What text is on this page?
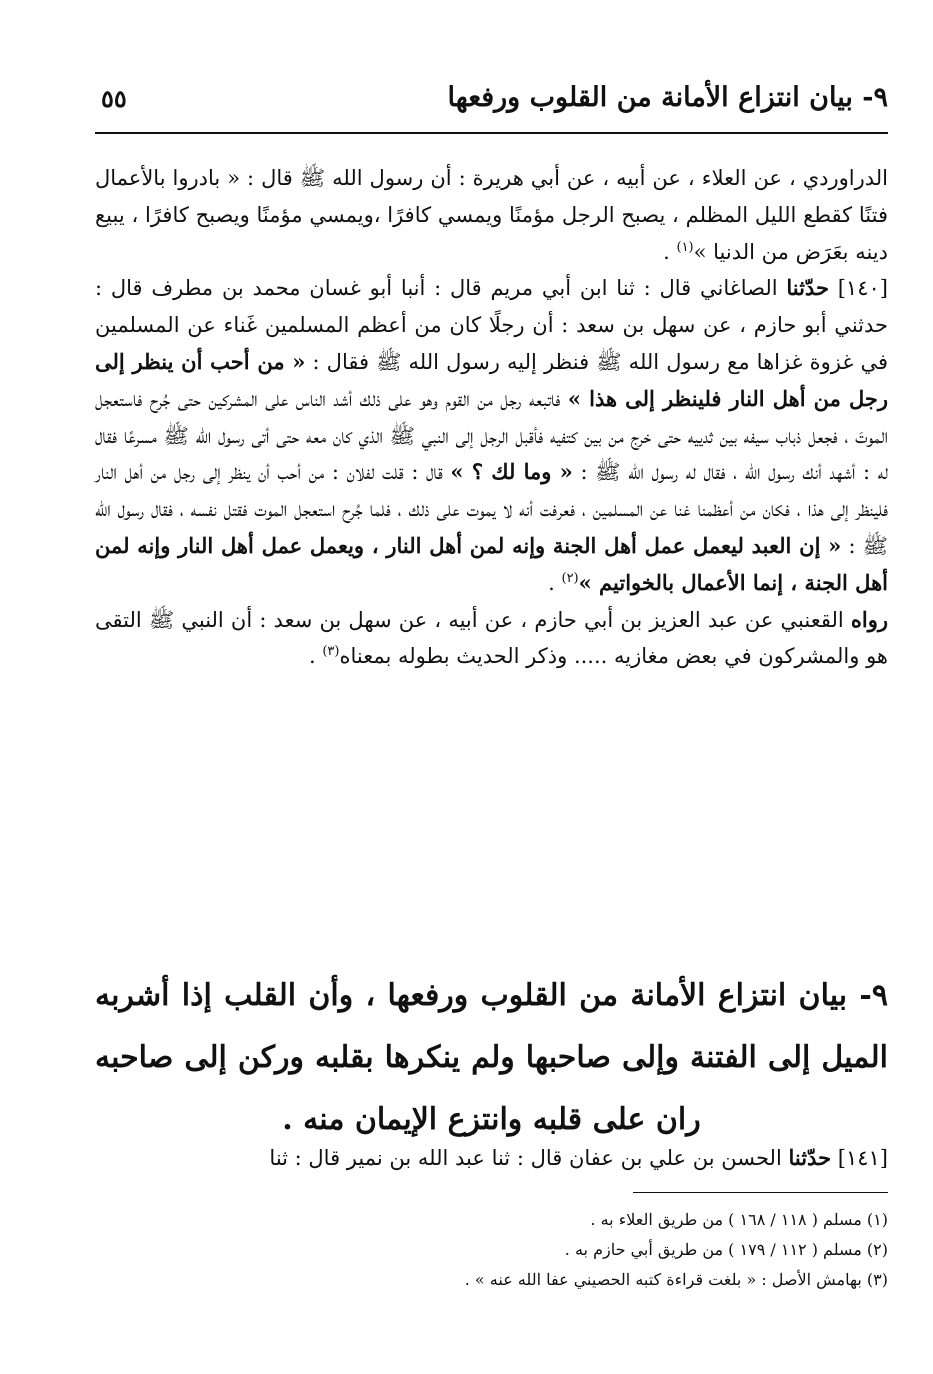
٩- بيان انتزاع الأمانة من القلوب ورفعها
٥٥

الدراوردي ، عن العلاء ، عن أبيه ، عن أبي هريرة : أن رسول الله ﷺ قال : « بادروا بالأعمال فتنًا كقطع الليل المظلم ، يصبح الرجل مؤمنًا ويمسي كافرًا ،ويمسي مؤمنًا ويصبح كافرًا ، يبيع دينه بعَرَض من الدنيا »$^{(١)}$ .

[١٤٠] حدّثنا الصاغاني قال : ثنا ابن أبي مريم قال : أنبا أبو غسان محمد بن مطرف قال : حدثني أبو حازم ، عن سهل بن سعد : أن رجلًا كان من أعظم المسلمين غَناء عن المسلمين في غزوة غزاها مع رسول الله ﷺ فنظر إليه رسول الله ﷺ فقال : « من أحب أن ينظر إلى رجل من أهل النار فلينظر إلى هذا » فاتبعه رجل من القوم وهو على ذلك أشد الناس على المشركين حتى جُرح فاستعجل الموتَ ، فجعل ذباب سيفه بين ثدييه حتى خرج من بين كتفيه فأقبل الرجل إلى النبي ﷺ الذي كان معه حتى أتى رسول الله ﷺ مسرعًا فقال له : أشهد أنك رسول الله ، فقال له رسول الله ﷺ : « وما لك ؟ » قال : قلت لفلان : من أحب أن ينظر إلى رجل من أهل النار فلينظر إلى هذا ، فكان من أعظمنا غنا عن المسلمين ، فعرفت أنه لا يموت على ذلك ، فلما جُرح استعجل الموت فقتل نفسه ، فقال رسول الله ﷺ : « إن العبد ليعمل عمل أهل الجنة وإنه لمن أهل النار ، ويعمل عمل أهل النار وإنه لمن أهل الجنة ، إنما الأعمال بالخواتيم »$^{(٢)}$ .

رواه القعنبي عن عبد العزيز بن أبي حازم ، عن أبيه ، عن سهل بن سعد : أن النبي ﷺ التقى هو والمشركون في بعض مغازيه ..... وذكر الحديث بطوله بمعناه$^{(٣)}$ .

٩- بيان انتزاع الأمانة من القلوب ورفعها ، وأن القلب إذا أشربه الميل إلى الفتنة وإلى صاحبها ولم ينكرها بقلبه وركن إلى صاحبه ران على قلبه وانتزع الإيمان منه .
[١٤١] حدّثنا الحسن بن علي بن عفان قال : ثنا عبد الله بن نمير قال : ثنا

(١) مسلم ( ١١٨ / ١٦٨ ) من طريق العلاء به .

(٢) مسلم ( ١١٢ / ١٧٩ ) من طريق أبي حازم به .

(٣) بهامش الأصل : « بلغت قراءة كتبه الحصيني عفا الله عنه » .
